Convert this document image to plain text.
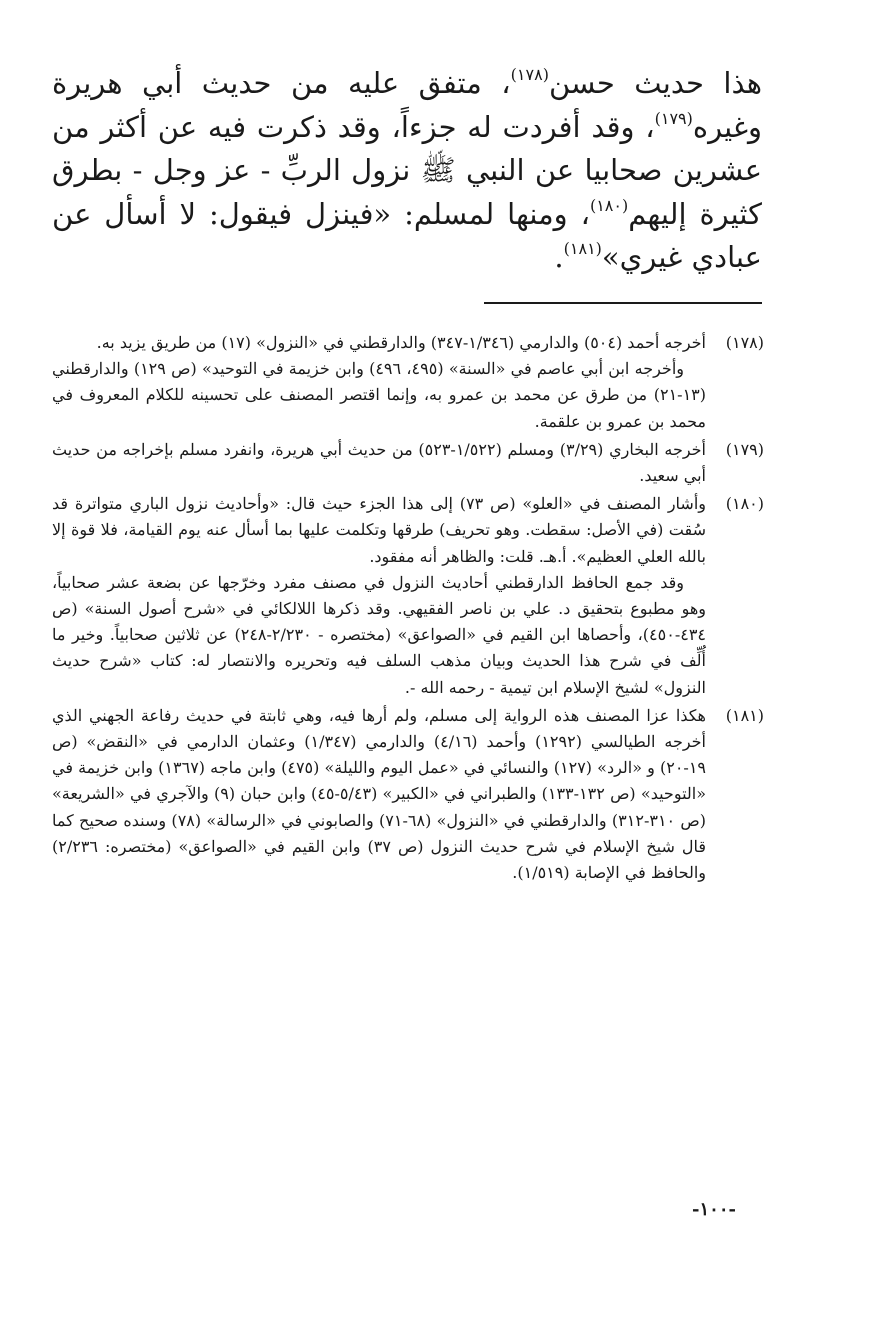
هذا حديث حسن$^{(١٧٨)}$، متفق عليه من حديث أبي هريرة وغيره$^{(١٧٩)}$، وقد أفردت له جزءاً، وقد ذكرت فيه عن أكثر من عشرين صحابيا عن النبي ﷺ نزول الربِّ - عز وجل - بطرق كثيرة إليهم$^{(١٨٠)}$، ومنها لمسلم: «فينزل فيقول: لا أسأل عن عبادي غيري»$^{(١٨١)}$.

(١٧٨)

أخرجه أحمد (٥٠٤) والدارمي (١/٣٤٦-٣٤٧) والدارقطني في «النزول» (١٧) من طريق يزيد به.

وأخرجه ابن أبي عاصم في «السنة» (٤٩٥، ٤٩٦) وابن خزيمة في التوحيد» (ص ١٢٩) والدارقطني (١٣-٢١) من طرق عن محمد بن عمرو به، وإنما اقتصر المصنف على تحسينه للكلام المعروف في محمد بن عمرو بن علقمة.

(١٧٩)

أخرجه البخاري (٣/٢٩) ومسلم (١/٥٢٢-٥٢٣) من حديث أبي هريرة، وانفرد مسلم بإخراجه من حديث أبي سعيد.

(١٨٠)

وأشار المصنف في «العلو» (ص ٧٣) إلى هذا الجزء حيث قال: «وأحاديث نزول الباري متواترة قد سُقت (في الأصل: سقطت. وهو تحريف) طرقها وتكلمت عليها بما أسأل عنه يوم القيامة، فلا قوة إلا بالله العلي العظيم». أ.هـ. قلت: والظاهر أنه مفقود.

وقد جمع الحافظ الدارقطني أحاديث النزول في مصنف مفرد وخرّجها عن بضعة عشر صحابياً، وهو مطبوع بتحقيق د. علي بن ناصر الفقيهي. وقد ذكرها اللالكائي في «شرح أصول السنة» (ص ٤٣٤-٤٥٠)، وأحصاها ابن القيم في «الصواعق» (مختصره - ٢/٢٣٠-٢٤٨) عن ثلاثين صحابياً. وخير ما أُلِّف في شرح هذا الحديث وبيان مذهب السلف فيه وتحريره والانتصار له: كتاب «شرح حديث النزول» لشيخ الإسلام ابن تيمية - رحمه الله -.

(١٨١)

هكذا عزا المصنف هذه الرواية إلى مسلم، ولم أرها فيه، وهي ثابتة في حديث رفاعة الجهني الذي أخرجه الطيالسي (١٢٩٢) وأحمد (٤/١٦) والدارمي (١/٣٤٧) وعثمان الدارمي في «النقض» (ص ١٩-٢٠) و «الرد» (١٢٧) والنسائي في «عمل اليوم والليلة» (٤٧٥) وابن ماجه (١٣٦٧) وابن خزيمة في «التوحيد» (ص ١٣٢-١٣٣) والطبراني في «الكبير» (٥/٤٣-٤٥) وابن حبان (٩) والآجري في «الشريعة» (ص ٣١٠-٣١٢) والدارقطني في «النزول» (٦٨-٧١) والصابوني في «الرسالة» (٧٨) وسنده صحيح كما قال شيخ الإسلام في شرح حديث النزول (ص ٣٧) وابن القيم في «الصواعق» (مختصره: ٢/٢٣٦) والحافظ في الإصابة (١/٥١٩).

-١٠٠-
